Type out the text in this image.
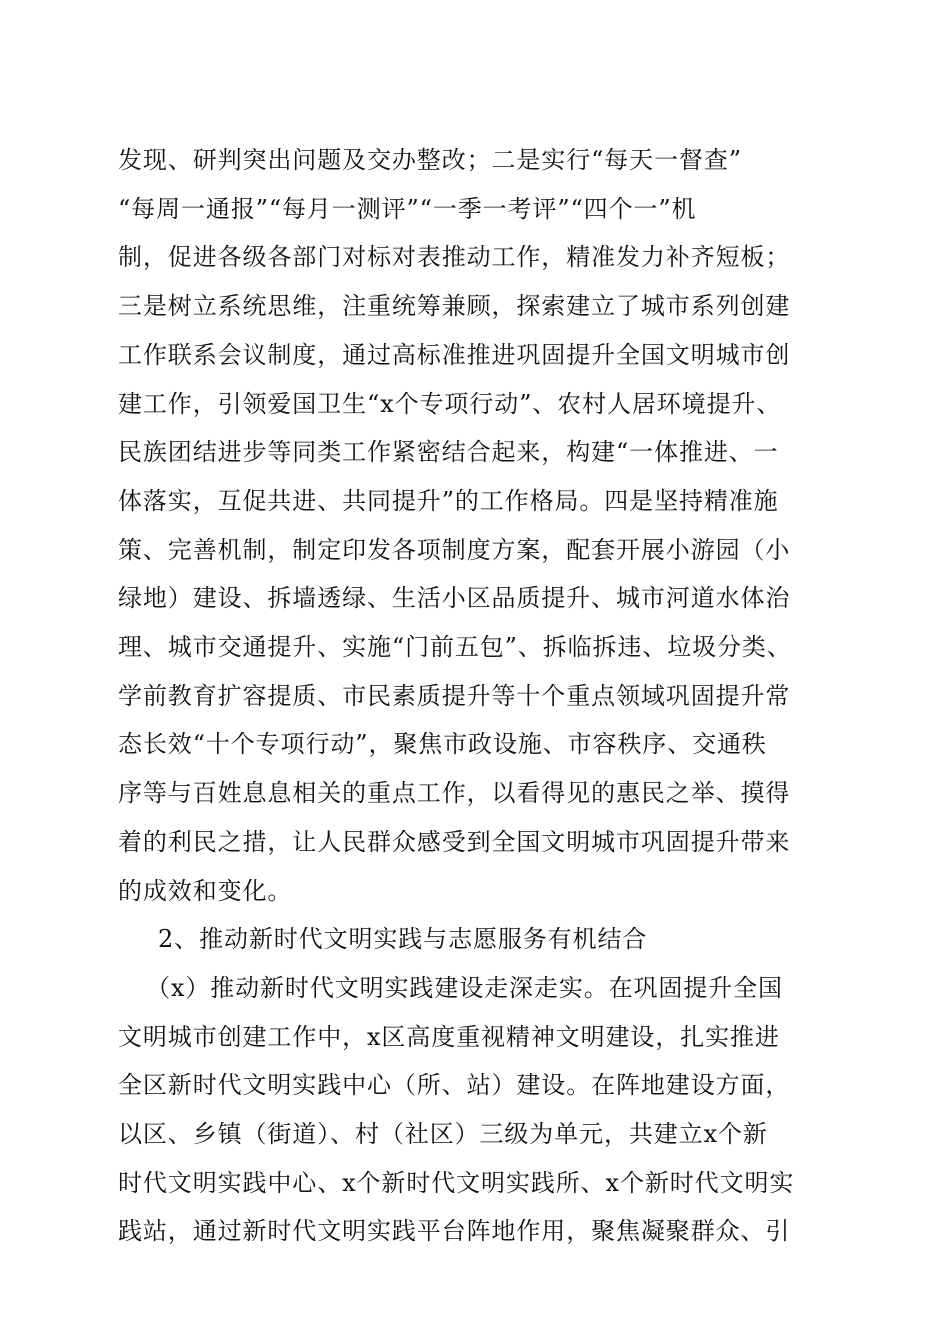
发现、研判突出问题及交办整改；二是实行“每天一督查”
“每周一通报”“每月一测评”“一季一考评”“四个一”机
制，促进各级各部门对标对表推动工作，精准发力补齐短板；
三是树立系统思维，注重统筹兼顾，探索建立了城市系列创建
工作联系会议制度，通过高标准推进巩固提升全国文明城市创
建工作，引领爱国卫生“x个专项行动”、农村人居环境提升、
民族团结进步等同类工作紧密结合起来，构建“一体推进、一
体落实，互促共进、共同提升”的工作格局。四是坚持精准施
策、完善机制，制定印发各项制度方案，配套开展小游园（小
绿地）建设、拆墙透绿、生活小区品质提升、城市河道水体治
理、城市交通提升、实施“门前五包”、拆临拆违、垃圾分类、
学前教育扩容提质、市民素质提升等十个重点领域巩固提升常
态长效“十个专项行动”，聚焦市政设施、市容秩序、交通秩
序等与百姓息息相关的重点工作，以看得见的惠民之举、摸得
着的利民之措，让人民群众感受到全国文明城市巩固提升带来
的成效和变化。
2、推动新时代文明实践与志愿服务有机结合
（x）推动新时代文明实践建设走深走实。在巩固提升全国
文明城市创建工作中，x区高度重视精神文明建设，扎实推进
全区新时代文明实践中心（所、站）建设。在阵地建设方面，
以区、乡镇（街道）、村（社区）三级为单元，共建立x个新
时代文明实践中心、x个新时代文明实践所、x个新时代文明实
践站，通过新时代文明实践平台阵地作用，聚焦凝聚群众、引
